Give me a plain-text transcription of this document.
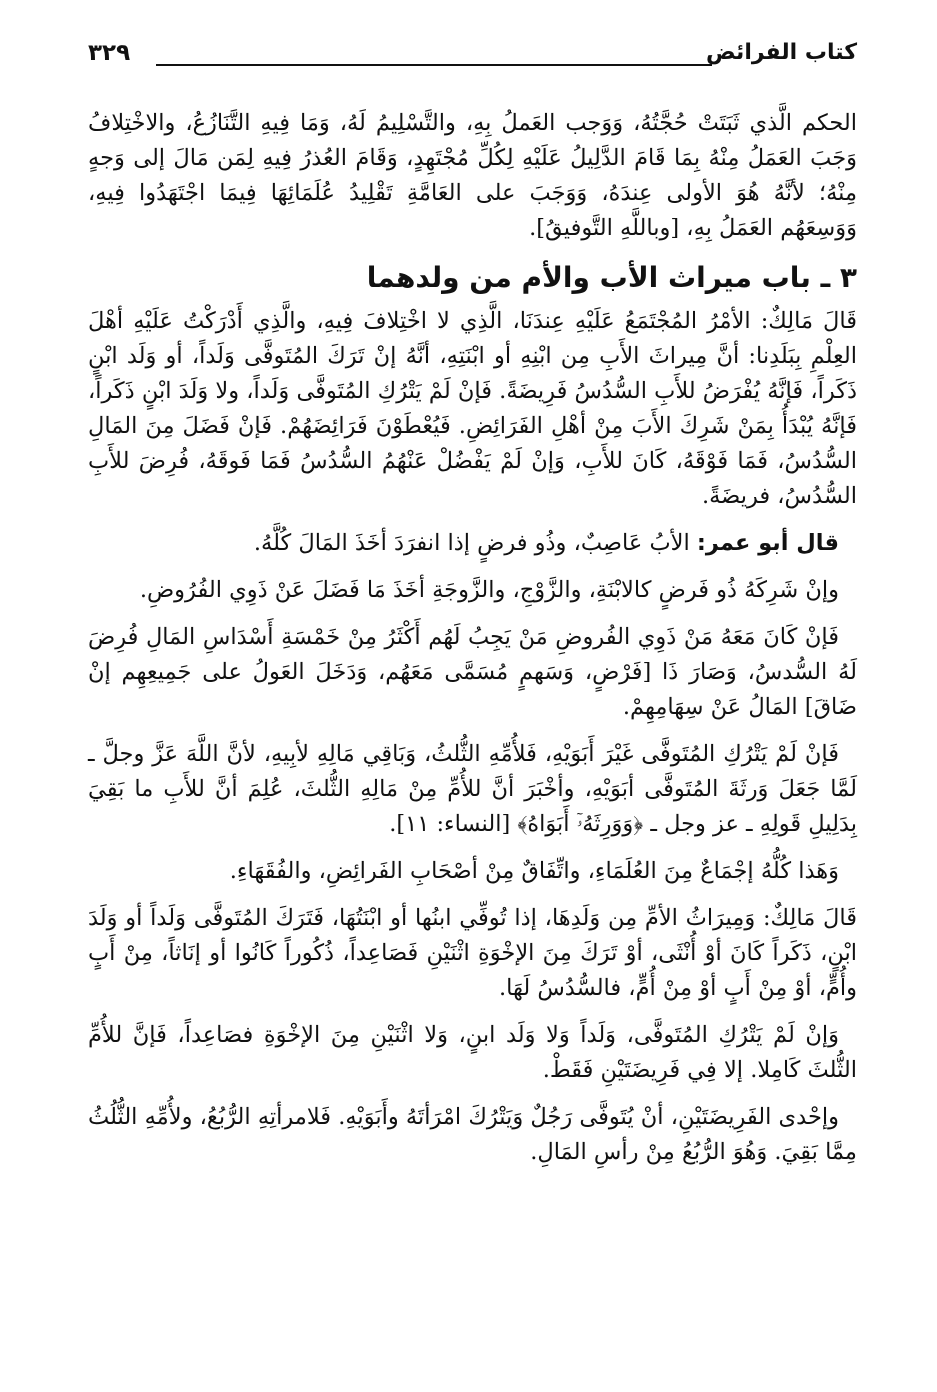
كتاب الفرائض
٣٢٩

الحكم الَّذي ثَبَتَتْ حُجَّتُهُ، وَوَجب العَملُ بِهِ، والتَّسْلِيمُ لَهُ، وَمَا فِيهِ التَّنَازُعُ، والاخْتِلافُ وَجَبَ العَمَلُ مِنْهُ بِمَا قَامَ الدَّلِيلُ عَلَيْهِ لِكُلِّ مُجْتَهِدٍ، وَقَامَ العُذرُ فِيهِ لِمَن مَالَ إلى وَجهٍ مِنْهُ؛ لأنَّهُ هُوَ الأولى عِندَهُ، وَوَجَبَ على العَامَّةِ تَقْلِيدُ عُلَمَائِهَا فِيمَا اجْتَهَدُوا فِيهِ، وَوَسِعَهُم العَمَلُ بِهِ، [وباللَّهِ التَّوفيقُ].

٣ ـ باب ميراث الأب والأم من ولدهما

قَالَ مَالِكٌ: الأمْرُ المُجْتَمَعُ عَلَيْهِ عِندَنَا، الَّذِي لا اخْتِلافَ فِيهِ، والَّذِي أَدْرَكْتُ عَلَيْهِ أهْلَ العِلْمِ بِبَلَدِنا: أنَّ مِيراثَ الأَبِ مِن ابْنِهِ أو ابْنَتِهِ، أنَّهُ إنْ تَرَكَ المُتَوفَّى وَلَداً، أو وَلَد ابْنٍ ذَكَراً، فَإنَّهُ يُفْرَضُ للأَبِ السُّدُسُ فَرِيضَةً. فَإنْ لَمْ يَتْرُكِ المُتَوفَّى وَلَداً، ولا وَلَدَ ابْنٍ ذَكَراً، فَإنَّهُ يُبْدَأُ بِمَنْ شَرِكَ الأَبَ مِنْ أهْلِ الفَرَائِضِ. فَيُعْطَوْنَ فَرَائِضَهُمْ. فَإنْ فَضَلَ مِنَ المَالِ السُّدُسُ، فَمَا فَوْقَهُ، كَانَ للأَبِ، وَإنْ لَمْ يَفْضُلْ عَنْهُمُ السُّدُسُ فَمَا فَوقَهُ، فُرِضَ للأَبِ السُّدُسُ، فريضَةً.

قال أبو عمر: الأبُ عَاصِبٌ، وذُو فرضٍ إذا انفرَدَ أخَذَ المَالَ كُلَّهُ.

وإنْ شَرِكَهُ ذُو فَرضٍ كالابْنَةِ، والزَّوْجِ، والزَّوجَةِ أخَذَ مَا فَضَلَ عَنْ ذَوِي الفُرُوضِ.

فَإنْ كَانَ مَعَهُ مَنْ ذَوِي الفُروضِ مَنْ يَجِبُ لَهُم أَكْثَرُ مِنْ خَمْسَةِ أَسْدَاسِ المَالِ فُرِضَ لَهُ السُّدسُ، وَصَارَ ذَا [فَرْضٍ، وَسَهمٍ مُسَمَّى مَعَهُم، وَدَخَلَ العَولُ على جَمِيعِهِم إنْ ضَاقَ] المَالُ عَنْ سِهَامِهِمْ.

فَإنْ لَمْ يَتْرُكِ المُتَوفَّى غَيْرَ أَبَوَيْهِ، فَلأُمِّهِ الثُّلثُ، وَبَاقِي مَالِهِ لأبِيهِ، لأنَّ اللَّهَ عَزَّ وجلَّ ـ لَمَّا جَعَلَ وَرثَةَ المُتَوفَّى أبَوَيْهِ، وأخْبَرَ أنَّ للأُمِّ مِنْ مَالِهِ الثُّلثَ، عُلِمَ أنَّ للأَبِ ما بَقِيَ بِدَلِيلِ قَولِهِ ـ عز وجل ـ ﴿وَوَرِثَهُۥٓ أَبَوَاهُ﴾ [النساء: ١١].

وَهَذا كُلُّهُ إجْمَاعٌ مِنَ العُلَمَاءِ، واتِّفَاقٌ مِنْ أصْحَابِ الفَرائِضِ، والفُقَهَاءِ.

قَالَ مَالِكٌ: وَمِيرَاثُ الأمِّ مِن وَلَدِهَا، إذا تُوفِّي ابنُها أو ابْنَتُهَا، فَتَرَكَ المُتَوفَّى وَلَداً أو وَلَدَ ابْنٍ، ذَكَراً كَانَ أوْ أُنْثَى، أوْ تَرَكَ مِنَ الإخْوَةِ اثْنَيْنِ فَصَاعِداً، ذُكُوراً كَانُوا أو إنَاثاً، مِنْ أَبٍ وأُمٍّ، أوْ مِنْ أَبٍ أوْ مِنْ أُمٍّ، فالسُّدُسُ لَهَا.

وَإنْ لَمْ يَتْرُكِ المُتَوفَّى، وَلَداً وَلا وَلَد ابنٍ، وَلا اثْنَيْنِ مِنَ الإخْوَةِ فصَاعِداً، فَإنَّ للأُمِّ الثُّلثَ كَامِلا. إلا فِي فَرِيضَتَيْنِ فَقَطْ.

وإحْدى الفَرِيضَتَيْنِ، أنْ يُتَوفَّى رَجُلٌ وَيَتْرُكَ امْرَأتَهُ وأَبَوَيْهِ. فَلامرأتِهِ الرُّبُعُ، ولأُمِّهِ الثُّلُثُ مِمَّا بَقِيَ. وَهُوَ الرُّبُعُ مِنْ رأسِ المَالِ.
